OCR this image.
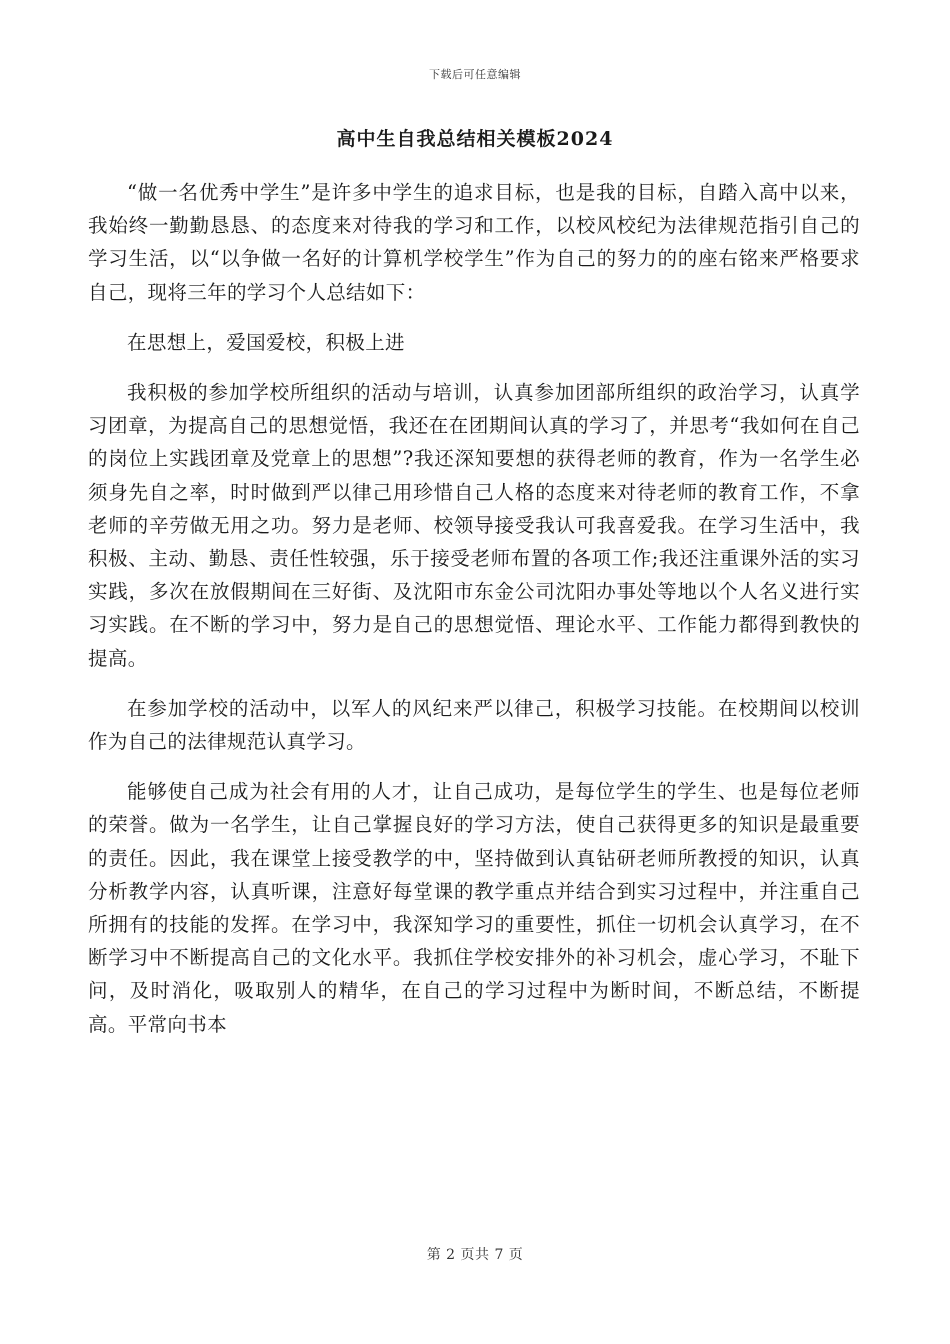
下载后可任意编辑
高中生自我总结相关模板2024

“做一名优秀中学生”是许多中学生的追求目标，也是我的目标，自踏入高中以来，我始终一勤勤恳恳、的态度来对待我的学习和工作，以校风校纪为法律规范指引自己的学习生活，以“以争做一名好的计算机学校学生”作为自己的努力的的座右铭来严格要求自己，现将三年的学习个人总结如下：

在思想上，爱国爱校，积极上进

我积极的参加学校所组织的活动与培训，认真参加团部所组织的政治学习，认真学习团章，为提高自己的思想觉悟，我还在在团期间认真的学习了，并思考“我如何在自己的岗位上实践团章及党章上的思想”?我还深知要想的获得老师的教育，作为一名学生必须身先自之率，时时做到严以律己用珍惜自己人格的态度来对待老师的教育工作，不拿老师的辛劳做无用之功。努力是老师、校领导接受我认可我喜爱我。在学习生活中，我积极、主动、勤恳、责任性较强，乐于接受老师布置的各项工作;我还注重课外活的实习实践，多次在放假期间在三好街、及沈阳市东金公司沈阳办事处等地以个人名义进行实习实践。在不断的学习中，努力是自己的思想觉悟、理论水平、工作能力都得到教快的提高。

在参加学校的活动中，以军人的风纪来严以律己，积极学习技能。在校期间以校训作为自己的法律规范认真学习。

能够使自己成为社会有用的人才，让自己成功，是每位学生的学生、也是每位老师的荣誉。做为一名学生，让自己掌握良好的学习方法，使自己获得更多的知识是最重要的责任。因此，我在课堂上接受教学的中，坚持做到认真钻研老师所教授的知识，认真分析教学内容，认真听课，注意好每堂课的教学重点并结合到实习过程中，并注重自己所拥有的技能的发挥。在学习中，我深知学习的重要性，抓住一切机会认真学习，在不断学习中不断提高自己的文化水平。我抓住学校安排外的补习机会，虚心学习，不耻下问，及时消化，吸取别人的精华，在自己的学习过程中为断时间，不断总结，不断提高。平常向书本

第 2 页共 7 页
